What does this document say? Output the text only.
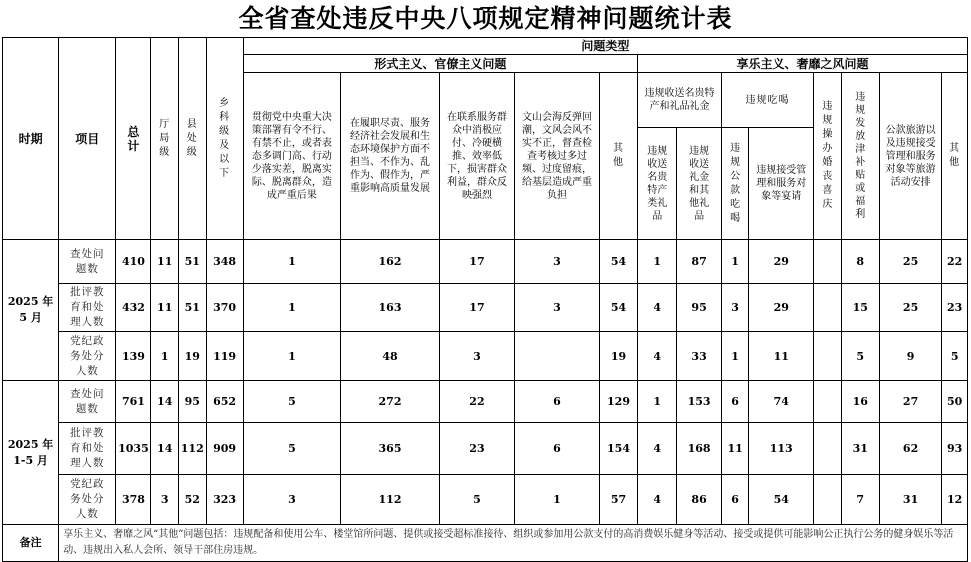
全省查处违反中央八项规定精神问题统计表
时期	项目	总计	厅局级	县处级	乡科级及以下	问题类型												
						形式主义、官僚主义问题					享乐主义、奢靡之风问题							
						贯彻党中央重大决策部署有令不行、有禁不止，或者表态多调门高、行动少落实差，脱离实际、脱离群众，造成严重后果	在履职尽责、服务经济社会发展和生态环境保护方面不担当、不作为、乱作为、假作为，严重影响高质量发展	在联系服务群众中消极应付、冷硬横推、效率低下，损害群众利益，群众反映强烈	文山会海反弹回潮，文风会风不实不正，督查检查考核过多过频、过度留痕，给基层造成严重负担	其他	违规收送名贵特产和礼品礼金		违规吃喝		违规操办婚丧喜庆	违规发放津补贴或福利	公款旅游以及违规接受管理和服务对象等旅游活动安排	其他
											违规收送名贵特产类礼品	违规收送礼金和其他礼品	违规公款吃喝	违规接受管理和服务对象等宴请				
2025 年
5 月	查处问题数	410	11	51	348	1	162	17	3	54	1	87	1	29		8	25	22
	批评教育和处理人数	432	11	51	370	1	163	17	3	54	4	95	3	29		15	25	23
	党纪政务处分人数	139	1	19	119	1	48	3		19	4	33	1	11		5	9	5
2025 年
1-5 月	查处问题数	761	14	95	652	5	272	22	6	129	1	153	6	74		16	27	50
	批评教育和处理人数	1035	14	112	909	5	365	23	6	154	4	168	11	113		31	62	93
	党纪政务处分人数	378	3	52	323	3	112	5	1	57	4	86	6	54		7	31	12
备注	享乐主义、奢靡之风“其他”问题包括：违规配备和使用公车、楼堂馆所问题、提供或接受超标准接待、组织或参加用公款支付的高消费娱乐健身等活动、接受或提供可能影响公正执行公务的健身娱乐等活动、违规出入私人会所、领导干部住房违规。																	
